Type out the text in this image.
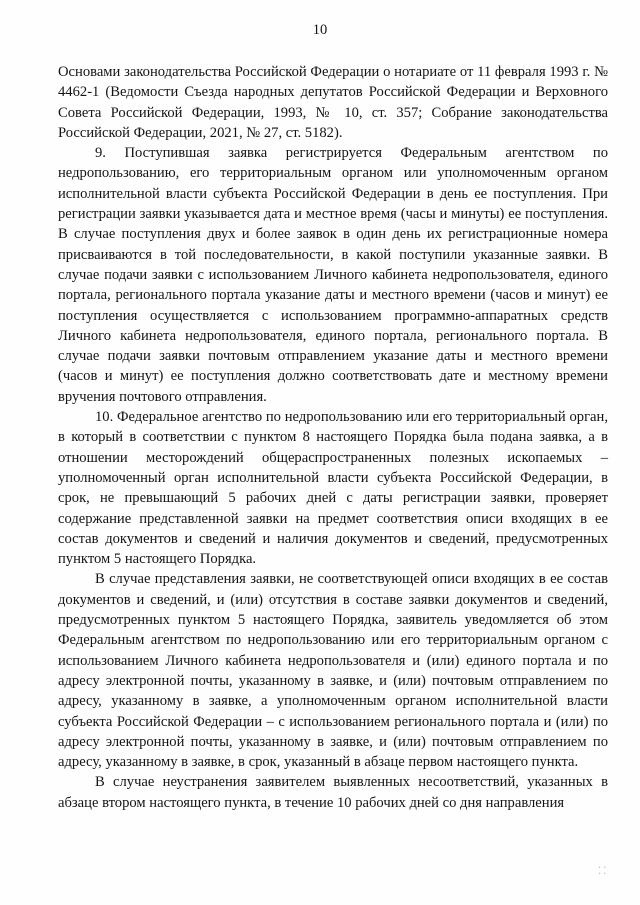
10

Основами законодательства Российской Федерации о нотариате от 11 февраля 1993 г. № 4462-1 (Ведомости Съезда народных депутатов Российской Федерации и Верховного Совета Российской Федерации, 1993, № 10, ст. 357; Собрание законодательства Российской Федерации, 2021, № 27, ст. 5182).

9. Поступившая заявка регистрируется Федеральным агентством по недропользованию, его территориальным органом или уполномоченным органом исполнительной власти субъекта Российской Федерации в день ее поступления. При регистрации заявки указывается дата и местное время (часы и минуты) ее поступления. В случае поступления двух и более заявок в один день их регистрационные номера присваиваются в той последовательности, в какой поступили указанные заявки. В случае подачи заявки с использованием Личного кабинета недропользователя, единого портала, регионального портала указание даты и местного времени (часов и минут) ее поступления осуществляется с использованием программно-аппаратных средств Личного кабинета недропользователя, единого портала, регионального портала. В случае подачи заявки почтовым отправлением указание даты и местного времени (часов и минут) ее поступления должно соответствовать дате и местному времени вручения почтового отправления.

10. Федеральное агентство по недропользованию или его территориальный орган, в который в соответствии с пунктом 8 настоящего Порядка была подана заявка, а в отношении месторождений общераспространенных полезных ископаемых – уполномоченный орган исполнительной власти субъекта Российской Федерации, в срок, не превышающий 5 рабочих дней с даты регистрации заявки, проверяет содержание представленной заявки на предмет соответствия описи входящих в ее состав документов и сведений и наличия документов и сведений, предусмотренных пунктом 5 настоящего Порядка.

В случае представления заявки, не соответствующей описи входящих в ее состав документов и сведений, и (или) отсутствия в составе заявки документов и сведений, предусмотренных пунктом 5 настоящего Порядка, заявитель уведомляется об этом Федеральным агентством по недропользованию или его территориальным органом с использованием Личного кабинета недропользователя и (или) единого портала и по адресу электронной почты, указанному в заявке, и (или) почтовым отправлением по адресу, указанному в заявке, а уполномоченным органом исполнительной власти субъекта Российской Федерации – с использованием регионального портала и (или) по адресу электронной почты, указанному в заявке, и (или) почтовым отправлением по адресу, указанному в заявке, в срок, указанный в абзаце первом настоящего пункта.

В случае неустранения заявителем выявленных несоответствий, указанных в абзаце втором настоящего пункта, в течение 10 рабочих дней со дня направления

⁚⁚
